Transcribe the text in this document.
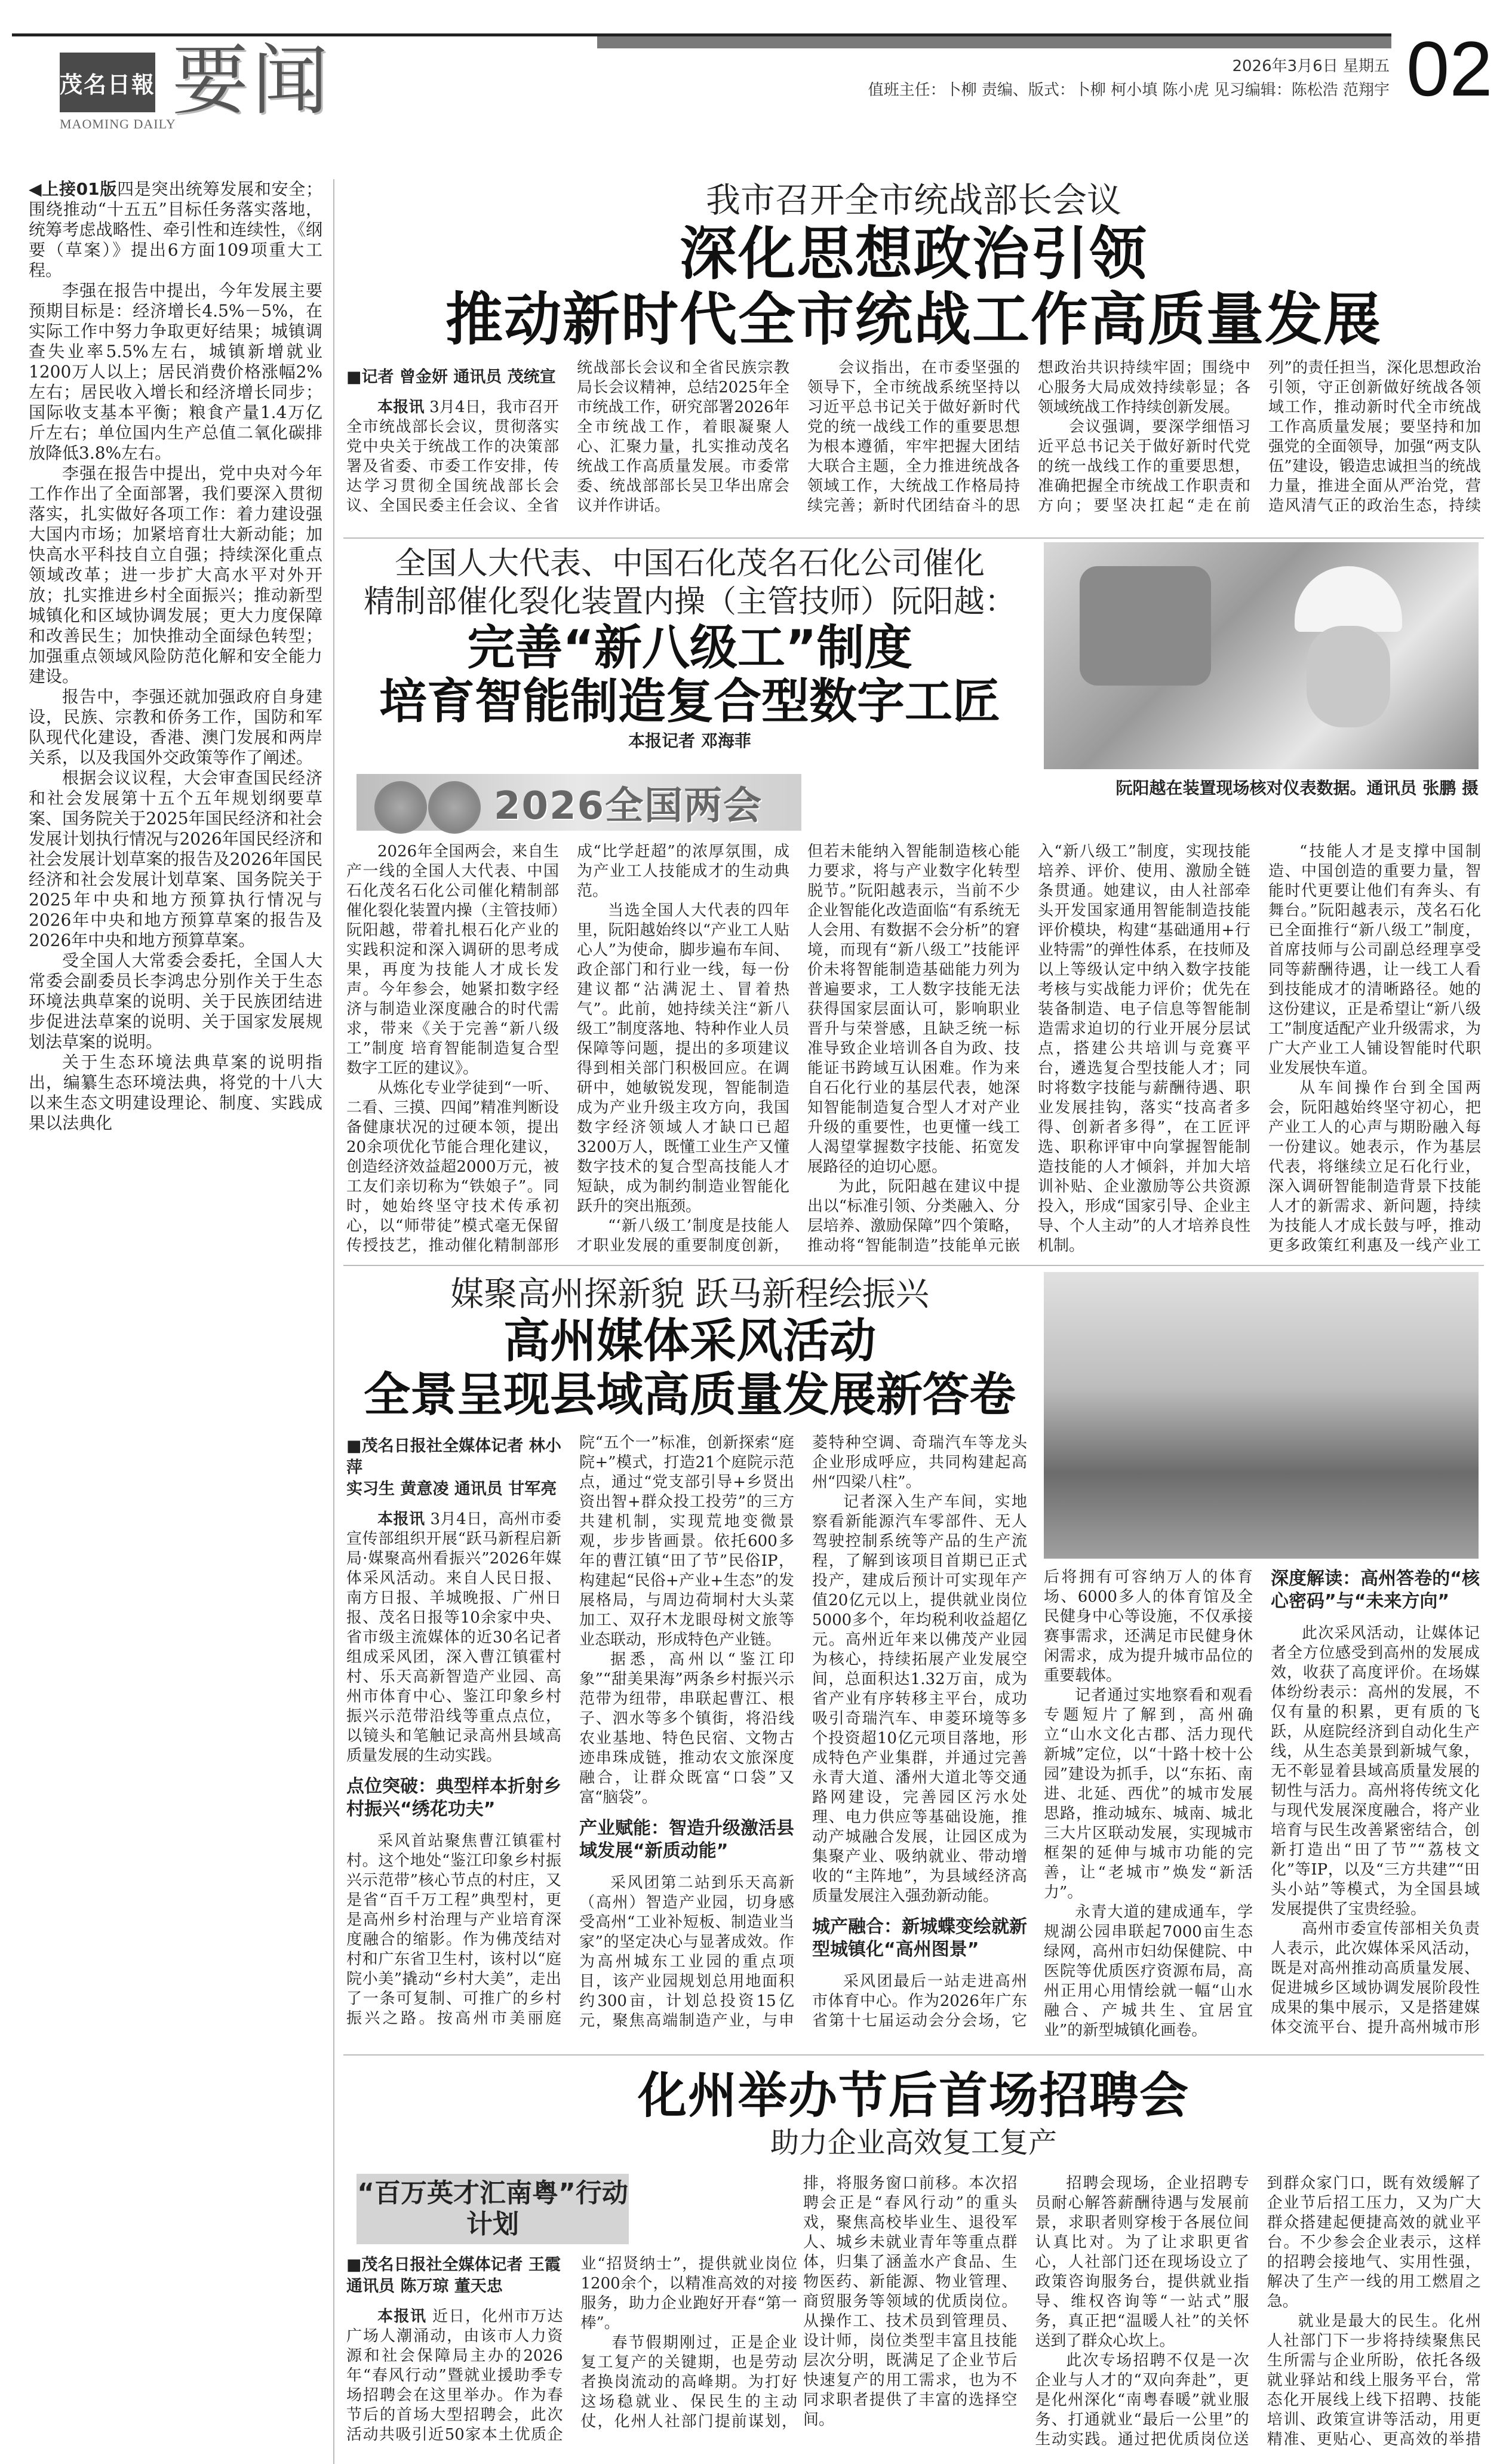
茂名日報
MAOMING DAILY
要闻	2026年3月6日 星期五
值班主任：卜柳 责编、版式：卜柳 柯小填 陈小虎 见习编辑：陈松浩 范翔宇 02

◀上接01版四是突出统筹发展和安全；围绕推动“十五五”目标任务落实落地，统筹考虑战略性、牵引性和连续性，《纲要（草案）》提出6方面109项重大工程。

李强在报告中提出，今年发展主要预期目标是：经济增长4.5%－5%，在实际工作中努力争取更好结果；城镇调查失业率5.5%左右，城镇新增就业1200万人以上；居民消费价格涨幅2%左右；居民收入增长和经济增长同步；国际收支基本平衡；粮食产量1.4万亿斤左右；单位国内生产总值二氧化碳排放降低3.8%左右。

李强在报告中提出，党中央对今年工作作出了全面部署，我们要深入贯彻落实，扎实做好各项工作：着力建设强大国内市场；加紧培育壮大新动能；加快高水平科技自立自强；持续深化重点领域改革；进一步扩大高水平对外开放；扎实推进乡村全面振兴；推动新型城镇化和区域协调发展；更大力度保障和改善民生；加快推动全面绿色转型；加强重点领域风险防范化解和安全能力建设。

报告中，李强还就加强政府自身建设，民族、宗教和侨务工作，国防和军队现代化建设，香港、澳门发展和两岸关系，以及我国外交政策等作了阐述。

根据会议议程，大会审查国民经济和社会发展第十五个五年规划纲要草案、国务院关于2025年国民经济和社会发展计划执行情况与2026年国民经济和社会发展计划草案的报告及2026年国民经济和社会发展计划草案、国务院关于2025年中央和地方预算执行情况与2026年中央和地方预算草案的报告及2026年中央和地方预算草案。

受全国人大常委会委托，全国人大常委会副委员长李鸿忠分别作关于生态环境法典草案的说明、关于民族团结进步促进法草案的说明、关于国家发展规划法草案的说明。

关于生态环境法典草案的说明指出，编纂生态环境法典，将党的十八大以来生态文明建设理论、制度、实践成果以法典化

我市召开全市统战部长会议
深化思想政治引领
推动新时代全市统战工作高质量发展
■记者 曾金妍 通讯员 茂统宣

本报讯 3月4日，我市召开全市统战部长会议，贯彻落实党中央关于统战工作的决策部署及省委、市委工作安排，传达学习贯彻全国统战部长会议、全国民委主任会议、全省统战部长会议和全省民族宗教局长会议精神，总结2025年全市统战工作，研究部署2026年全市统战工作，着眼凝聚人心、汇聚力量，扎实推动茂名统战工作高质量发展。市委常委、统战部部长吴卫华出席会议并作讲话。

会议指出，在市委坚强的领导下，全市统战系统坚持以习近平总书记关于做好新时代党的统一战线工作的重要思想为根本遵循，牢牢把握大团结大联合主题，全力推进统战各领域工作，大统战工作格局持续完善；新时代团结奋斗的思想政治共识持续牢固；围绕中心服务大局成效持续彰显；各领域统战工作持续创新发展。

会议强调，要深学细悟习近平总书记关于做好新时代党的统一战线工作的重要思想，准确把握全市统战工作职责和方向；要坚决扛起“走在前列”的责任担当，深化思想政治引领，守正创新做好统战各领域工作，推动新时代全市统战工作高质量发展；要坚持和加强党的全面领导，加强“两支队伍”建设，锻造忠诚担当的统战力量，推进全面从严治党，营造风清气正的政治生态，持续

全国人大代表、中国石化茂名石化公司催化
精制部催化裂化装置内操（主管技师）阮阳越：
完善“新八级工”制度
培育智能制造复合型数字工匠
本报记者 邓海菲
阮阳越在装置现场核对仪表数据。通讯员 张鹏 摄
2026全国两会

2026年全国两会，来自生产一线的全国人大代表、中国石化茂名石化公司催化精制部催化裂化装置内操（主管技师）阮阳越，带着扎根石化产业的实践积淀和深入调研的思考成果，再度为技能人才成长发声。今年参会，她紧扣数字经济与制造业深度融合的时代需求，带来《关于完善“新八级工”制度 培育智能制造复合型数字工匠的建议》。

从炼化专业学徒到“一听、二看、三摸、四闻”精准判断设备健康状况的过硬本领，提出20余项优化节能合理化建议，创造经济效益超2000万元，被工友们亲切称为“铁娘子”。同时，她始终坚守技术传承初心，以“师带徒”模式毫无保留传授技艺，推动催化精制部形成“比学赶超”的浓厚氛围，成为产业工人技能成才的生动典范。

当选全国人大代表的四年里，阮阳越始终以“产业工人贴心人”为使命，脚步遍布车间、政企部门和行业一线，每一份建议都“沾满泥土、冒着热气”。此前，她持续关注“新八级工”制度落地、特种作业人员保障等问题，提出的多项建议得到相关部门积极回应。在调研中，她敏锐发现，智能制造成为产业升级主攻方向，我国数字经济领域人才缺口已超3200万人，既懂工业生产又懂数字技术的复合型高技能人才短缺，成为制约制造业智能化跃升的突出瓶颈。

“‘新八级工’制度是技能人才职业发展的重要制度创新，但若未能纳入智能制造核心能力要求，将与产业数字化转型脱节。”阮阳越表示，当前不少企业智能化改造面临“有系统无人会用、有数据不会分析”的窘境，而现有“新八级工”技能评价未将智能制造基础能力列为普遍要求，工人数字技能无法获得国家层面认可，影响职业晋升与荣誉感，且缺乏统一标准导致企业培训各自为政、技能证书跨域互认困难。作为来自石化行业的基层代表，她深知智能制造复合型人才对产业升级的重要性，也更懂一线工人渴望掌握数字技能、拓宽发展路径的迫切心愿。

为此，阮阳越在建议中提出以“标准引领、分类融入、分层培养、激励保障”四个策略，推动将“智能制造”技能单元嵌入“新八级工”制度，实现技能培养、评价、使用、激励全链条贯通。她建议，由人社部牵头开发国家通用智能制造技能评价模块，构建“基础通用+行业特需”的弹性体系，在技师及以上等级认定中纳入数字技能考核与实战能力评价；优先在装备制造、电子信息等智能制造需求迫切的行业开展分层试点，搭建公共培训与竞赛平台，遴选复合型技能人才；同时将数字技能与薪酬待遇、职业发展挂钩，落实“技高者多得、创新者多得”，在工匠评选、职称评审中向掌握智能制造技能的人才倾斜，并加大培训补贴、企业激励等公共资源投入，形成“国家引导、企业主导、个人主动”的人才培养良性机制。

“技能人才是支撑中国制造、中国创造的重要力量，智能时代更要让他们有奔头、有舞台。”阮阳越表示，茂名石化已全面推行“新八级工”制度，首席技师与公司副总经理享受同等薪酬待遇，让一线工人看到技能成才的清晰路径。她的这份建议，正是希望让“新八级工”制度适配产业升级需求，为广大产业工人铺设智能时代职业发展快车道。

从车间操作台到全国两会，阮阳越始终坚守初心，把产业工人的心声与期盼融入每一份建议。她表示，作为基层代表，将继续立足石化行业，深入调研智能制造背景下技能人才的新需求、新问题，持续为技能人才成长鼓与呼，推动更多政策红利惠及一线产业工

媒聚高州探新貌 跃马新程绘振兴
高州媒体采风活动
全景呈现县域高质量发展新答卷
■茂名日报社全媒体记者 林小萍
实习生 黄意凌 通讯员 甘军亮

本报讯 3月4日，高州市委宣传部组织开展“跃马新程启新局·媒聚高州看振兴”2026年媒体采风活动。来自人民日报、南方日报、羊城晚报、广州日报、茂名日报等10余家中央、省市级主流媒体的近30名记者组成采风团，深入曹江镇霍村村、乐天高新智造产业园、高州市体育中心、鉴江印象乡村振兴示范带沿线等重点点位，以镜头和笔触记录高州县域高质量发展的生动实践。

点位突破：典型样本折射乡村振兴“绣花功夫”

采风首站聚焦曹江镇霍村村。这个地处“鉴江印象乡村振兴示范带”核心节点的村庄，又是省“百千万工程”典型村，更是高州乡村治理与产业培育深度融合的缩影。作为佛茂结对村和广东省卫生村，该村以“庭院小美”撬动“乡村大美”，走出了一条可复制、可推广的乡村振兴之路。按高州市美丽庭院“五个一”标准，创新探索“庭院+”模式，打造21个庭院示范点，通过“党支部引导+乡贤出资出智+群众投工投劳”的三方共建机制，实现荒地变微景观，步步皆画景。依托600多年的曹江镇“田了节”民俗IP，构建起“民俗+产业+生态”的发展格局，与周边荷垌村大头菜加工、双孖木龙眼母树文旅等业态联动，形成特色产业链。

据悉，高州以“鉴江印象”“甜美果海”两条乡村振兴示范带为纽带，串联起曹江、根子、泗水等多个镇街，将沿线农业基地、特色民宿、文物古迹串珠成链，推动农文旅深度融合，让群众既富“口袋”又富“脑袋”。

产业赋能：智造升级激活县域发展“新质动能”

采风团第二站到乐天高新（高州）智造产业园，切身感受高州“工业补短板、制造业当家”的坚定决心与显著成效。作为高州城东工业园的重点项目，该产业园规划总用地面积约300亩，计划总投资15亿元，聚焦高端制造产业，与申菱特种空调、奇瑞汽车等龙头企业形成呼应，共同构建起高州“四梁八柱”。

记者深入生产车间，实地察看新能源汽车零部件、无人驾驶控制系统等产品的生产流程，了解到该项目首期已正式投产，建成后预计可实现年产值20亿元以上，提供就业岗位5000多个，年均税利收益超亿元。高州近年来以佛茂产业园为核心，持续拓展产业发展空间，总面积达1.32万亩，成为省产业有序转移主平台，成功吸引奇瑞汽车、申菱环境等多个投资超10亿元项目落地，形成特色产业集群，并通过完善永青大道、潘州大道北等交通路网建设，完善园区污水处理、电力供应等基础设施，推动产城融合发展，让园区成为集聚产业、吸纳就业、带动增收的“主阵地”，为县域经济高质量发展注入强劲新动能。

城产融合：新城蝶变绘就新型城镇化“高州图景”

采风团最后一站走进高州市体育中心。作为2026年广东省第十七届运动会分会场，它

后将拥有可容纳万人的体育场、6000多人的体育馆及全民健身中心等设施，不仅承接赛事需求，还满足市民健身休闲需求，成为提升城市品位的重要载体。

记者通过实地察看和观看专题短片了解到，高州确立“山水文化古郡、活力现代新城”定位，以“十路十校十公园”建设为抓手，以“东拓、南进、北延、西优”的城市发展思路，推动城东、城南、城北三大片区联动发展，实现城市框架的延伸与城市功能的完善，让“老城市”焕发“新活力”。

永青大道的建成通车，学规湖公园串联起7000亩生态绿网，高州市妇幼保健院、中医院等优质医疗资源布局，高州正用心用情绘就一幅“山水融合、产城共生、宜居宜业”的新型城镇化画卷。

深度解读：高州答卷的“核心密码”与“未来方向”

此次采风活动，让媒体记者全方位感受到高州的发展成效，收获了高度评价。在场媒体纷纷表示：高州的发展，不仅有量的积累，更有质的飞跃，从庭院经济到自动化生产线，从生态美景到新城气象，无不彰显着县域高质量发展的韧性与活力。高州将传统文化与现代发展深度融合，将产业培育与民生改善紧密结合，创新打造出“田了节”“荔枝文化”等IP，以及“三方共建”“田头小站”等模式，为全国县域发展提供了宝贵经验。

高州市委宣传部相关负责人表示，此次媒体采风活动，既是对高州推动高质量发展、促进城乡区域协调发展阶段性成果的集中展示，又是搭建媒体交流平台、提升高州城市形

化州举办节后首场招聘会
助力企业高效复工复产
“百万英才汇南粤”行动计划
■茂名日报社全媒体记者 王霞
通讯员 陈万琼 董天忠

本报讯 近日，化州市万达广场人潮涌动，由该市人力资源和社会保障局主办的2026年“春风行动”暨就业援助季专场招聘会在这里举办。作为春节后的首场大型招聘会，此次活动共吸引近50家本土优质企业“招贤纳士”，提供就业岗位1200余个，以精准高效的对接服务，助力企业跑好开春“第一棒”。

春节假期刚过，正是企业复工复产的关键期，也是劳动者换岗流动的高峰期。为打好这场稳就业、保民生的主动仗，化州人社部门提前谋划，

排，将服务窗口前移。本次招聘会正是“春风行动”的重头戏，聚焦高校毕业生、退役军人、城乡未就业青年等重点群体，归集了涵盖水产食品、生物医药、新能源、物业管理、商贸服务等领域的优质岗位。从操作工、技术员到管理员、设计师，岗位类型丰富且技能层次分明，既满足了企业节后快速复产的用工需求，也为不同求职者提供了丰富的选择空间。

招聘会现场，企业招聘专员耐心解答薪酬待遇与发展前景，求职者则穿梭于各展位间认真比对。为了让求职更省心，人社部门还在现场设立了政策咨询服务台，提供就业指导、维权咨询等“一站式”服务，真正把“温暖人社”的关怀送到了群众心坎上。

此次专场招聘不仅是一次企业与人才的“双向奔赴”，更是化州深化“南粤春暖”就业服务、打通就业“最后一公里”的生动实践。通过把优质岗位送到群众家门口，既有效缓解了企业节后招工压力，又为广大群众搭建起便捷高效的就业平台。不少参会企业表示，这样的招聘会接地气、实用性强，解决了生产一线的用工燃眉之急。

就业是最大的民生。化州人社部门下一步将持续聚焦民生所需与企业所盼，依托各级就业驿站和线上服务平台，常态化开展线上线下招聘、技能培训、政策宣讲等活动，用更精准、更贴心、更高效的举措
